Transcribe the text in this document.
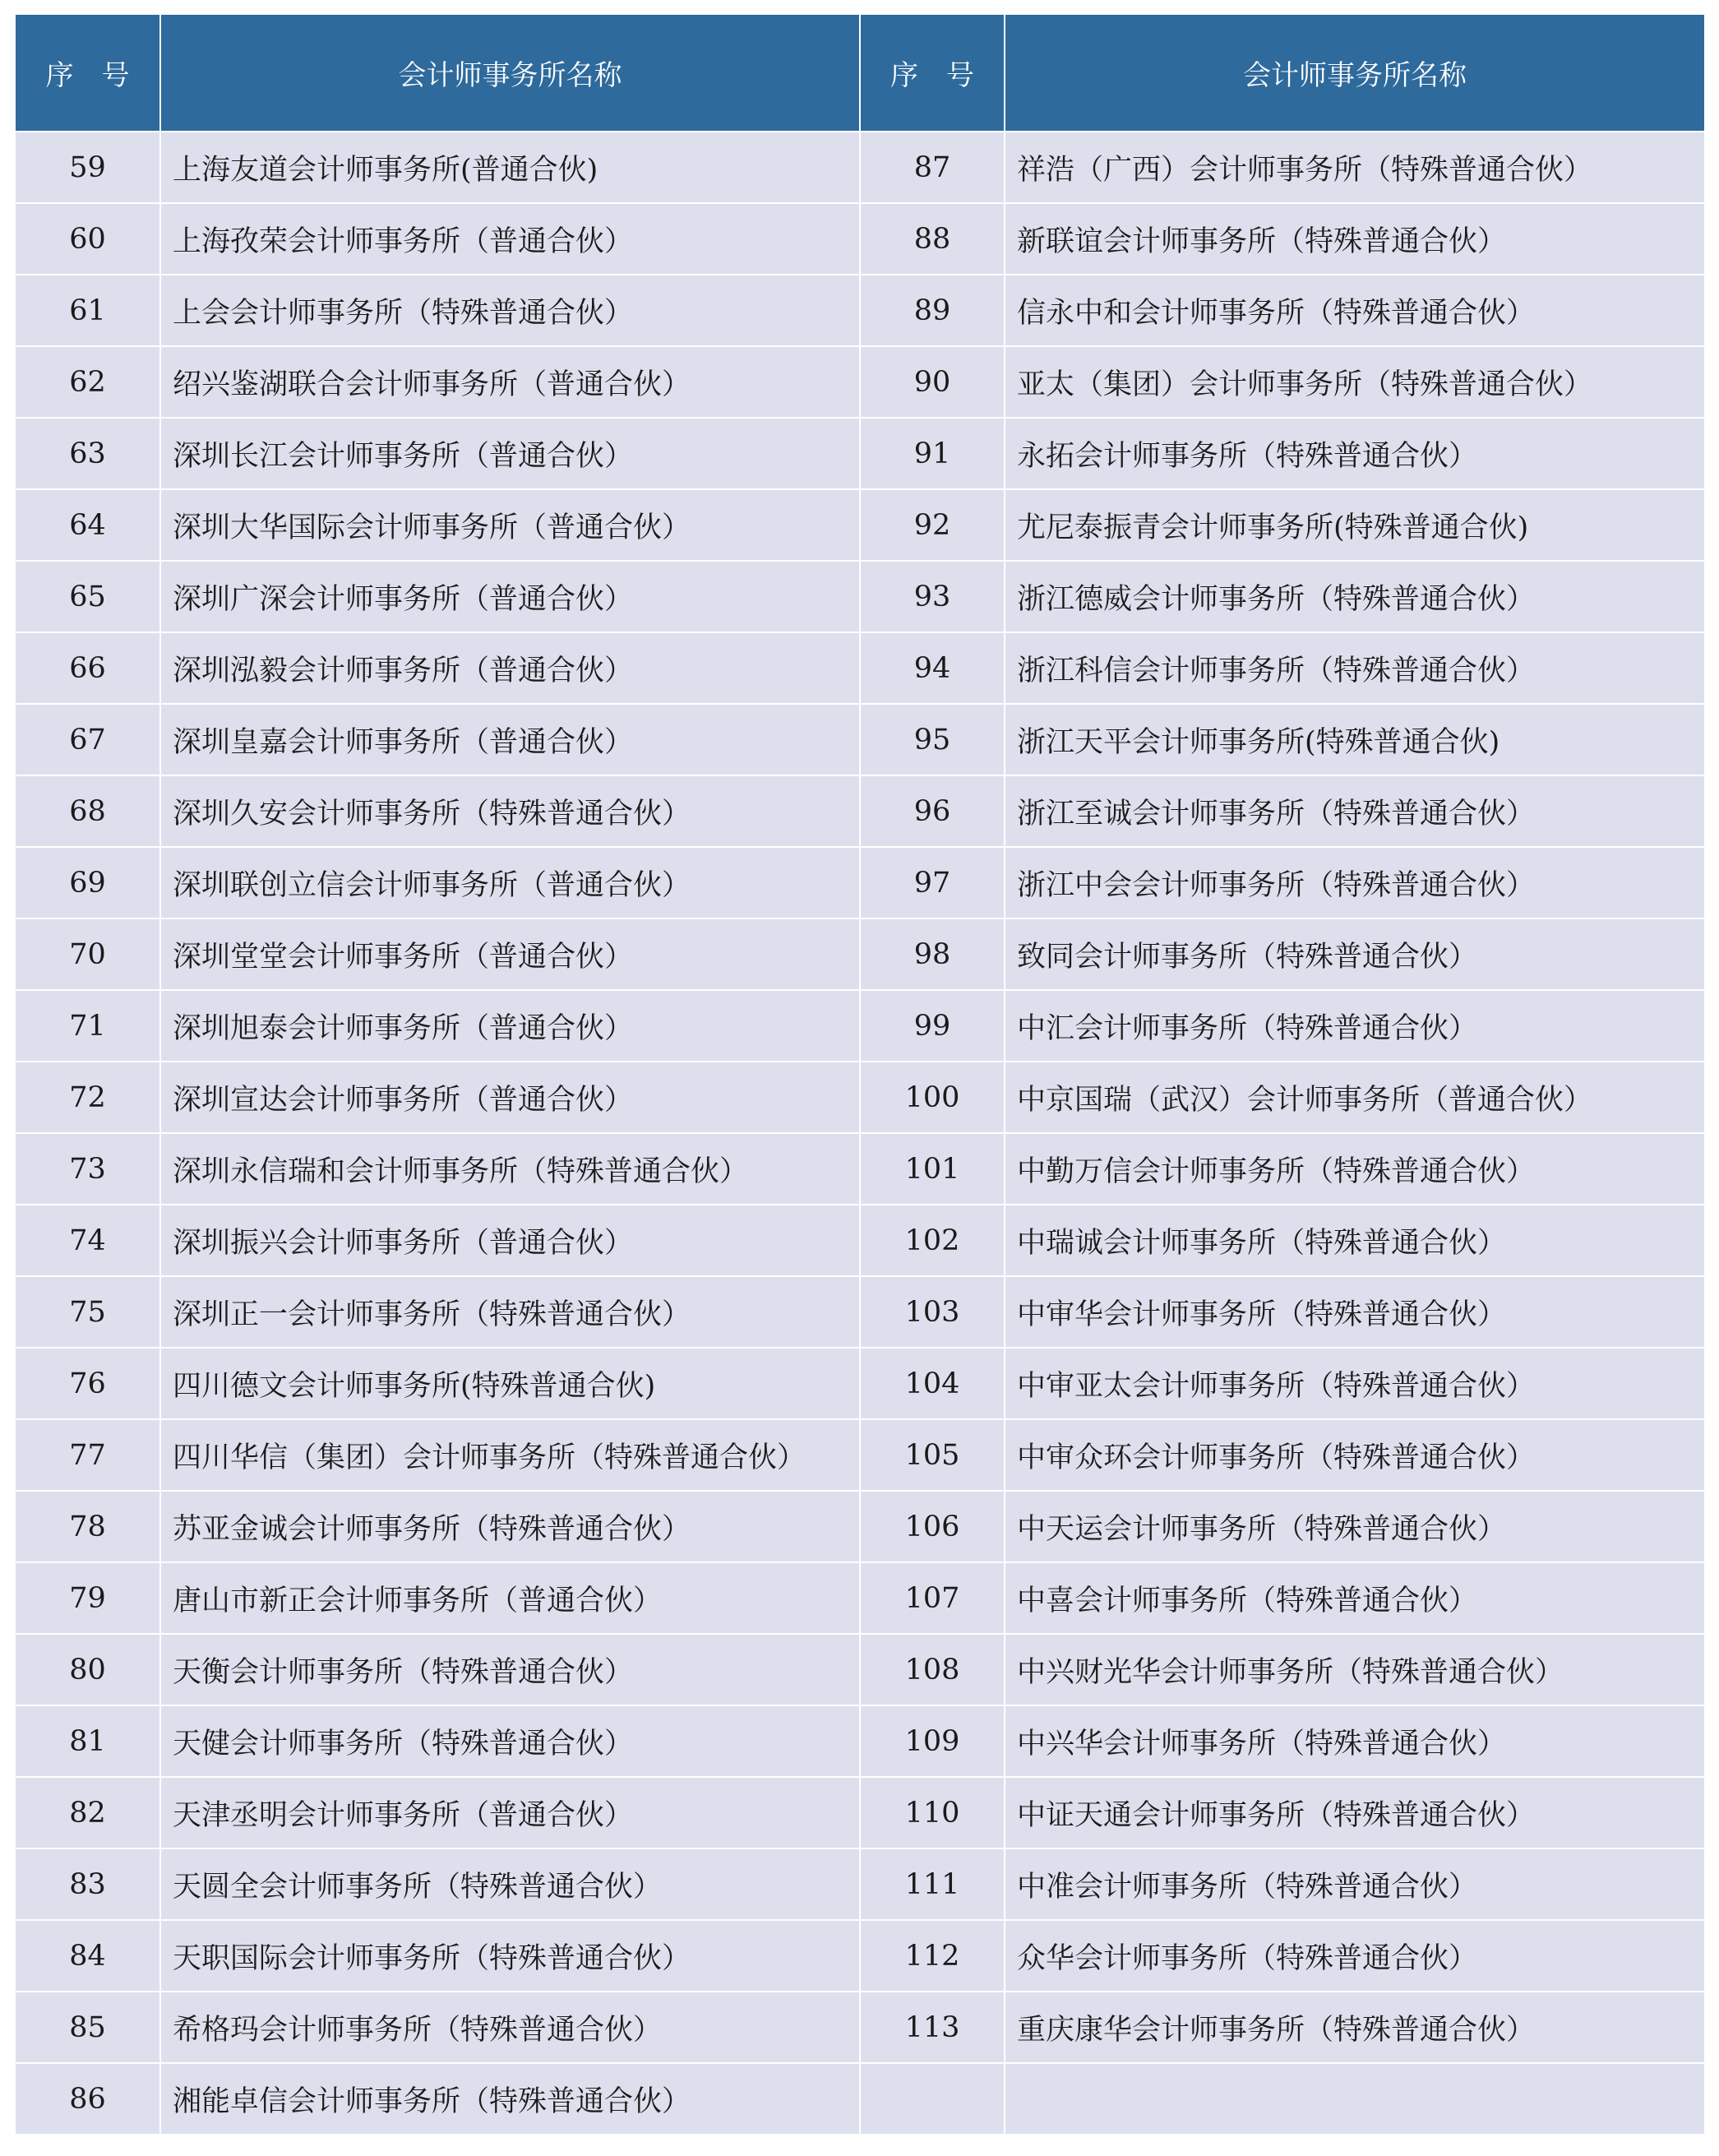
序　号	会计师事务所名称	序　号	会计师事务所名称
59	上海友道会计师事务所(普通合伙)	87	祥浩（广西）会计师事务所（特殊普通合伙）
60	上海孜荣会计师事务所（普通合伙）	88	新联谊会计师事务所（特殊普通合伙）
61	上会会计师事务所（特殊普通合伙）	89	信永中和会计师事务所（特殊普通合伙）
62	绍兴鉴湖联合会计师事务所（普通合伙）	90	亚太（集团）会计师事务所（特殊普通合伙）
63	深圳长江会计师事务所（普通合伙）	91	永拓会计师事务所（特殊普通合伙）
64	深圳大华国际会计师事务所（普通合伙）	92	尤尼泰振青会计师事务所(特殊普通合伙)
65	深圳广深会计师事务所（普通合伙）	93	浙江德威会计师事务所（特殊普通合伙）
66	深圳泓毅会计师事务所（普通合伙）	94	浙江科信会计师事务所（特殊普通合伙）
67	深圳皇嘉会计师事务所（普通合伙）	95	浙江天平会计师事务所(特殊普通合伙)
68	深圳久安会计师事务所（特殊普通合伙）	96	浙江至诚会计师事务所（特殊普通合伙）
69	深圳联创立信会计师事务所（普通合伙）	97	浙江中会会计师事务所（特殊普通合伙）
70	深圳堂堂会计师事务所（普通合伙）	98	致同会计师事务所（特殊普通合伙）
71	深圳旭泰会计师事务所（普通合伙）	99	中汇会计师事务所（特殊普通合伙）
72	深圳宣达会计师事务所（普通合伙）	100	中京国瑞（武汉）会计师事务所（普通合伙）
73	深圳永信瑞和会计师事务所（特殊普通合伙）	101	中勤万信会计师事务所（特殊普通合伙）
74	深圳振兴会计师事务所（普通合伙）	102	中瑞诚会计师事务所（特殊普通合伙）
75	深圳正一会计师事务所（特殊普通合伙）	103	中审华会计师事务所（特殊普通合伙）
76	四川德文会计师事务所(特殊普通合伙)	104	中审亚太会计师事务所（特殊普通合伙）
77	四川华信（集团）会计师事务所（特殊普通合伙）	105	中审众环会计师事务所（特殊普通合伙）
78	苏亚金诚会计师事务所（特殊普通合伙）	106	中天运会计师事务所（特殊普通合伙）
79	唐山市新正会计师事务所（普通合伙）	107	中喜会计师事务所（特殊普通合伙）
80	天衡会计师事务所（特殊普通合伙）	108	中兴财光华会计师事务所（特殊普通合伙）
81	天健会计师事务所（特殊普通合伙）	109	中兴华会计师事务所（特殊普通合伙）
82	天津丞明会计师事务所（普通合伙）	110	中证天通会计师事务所（特殊普通合伙）
83	天圆全会计师事务所（特殊普通合伙）	111	中准会计师事务所（特殊普通合伙）
84	天职国际会计师事务所（特殊普通合伙）	112	众华会计师事务所（特殊普通合伙）
85	希格玛会计师事务所（特殊普通合伙）	113	重庆康华会计师事务所（特殊普通合伙）
86	湘能卓信会计师事务所（特殊普通合伙）		
